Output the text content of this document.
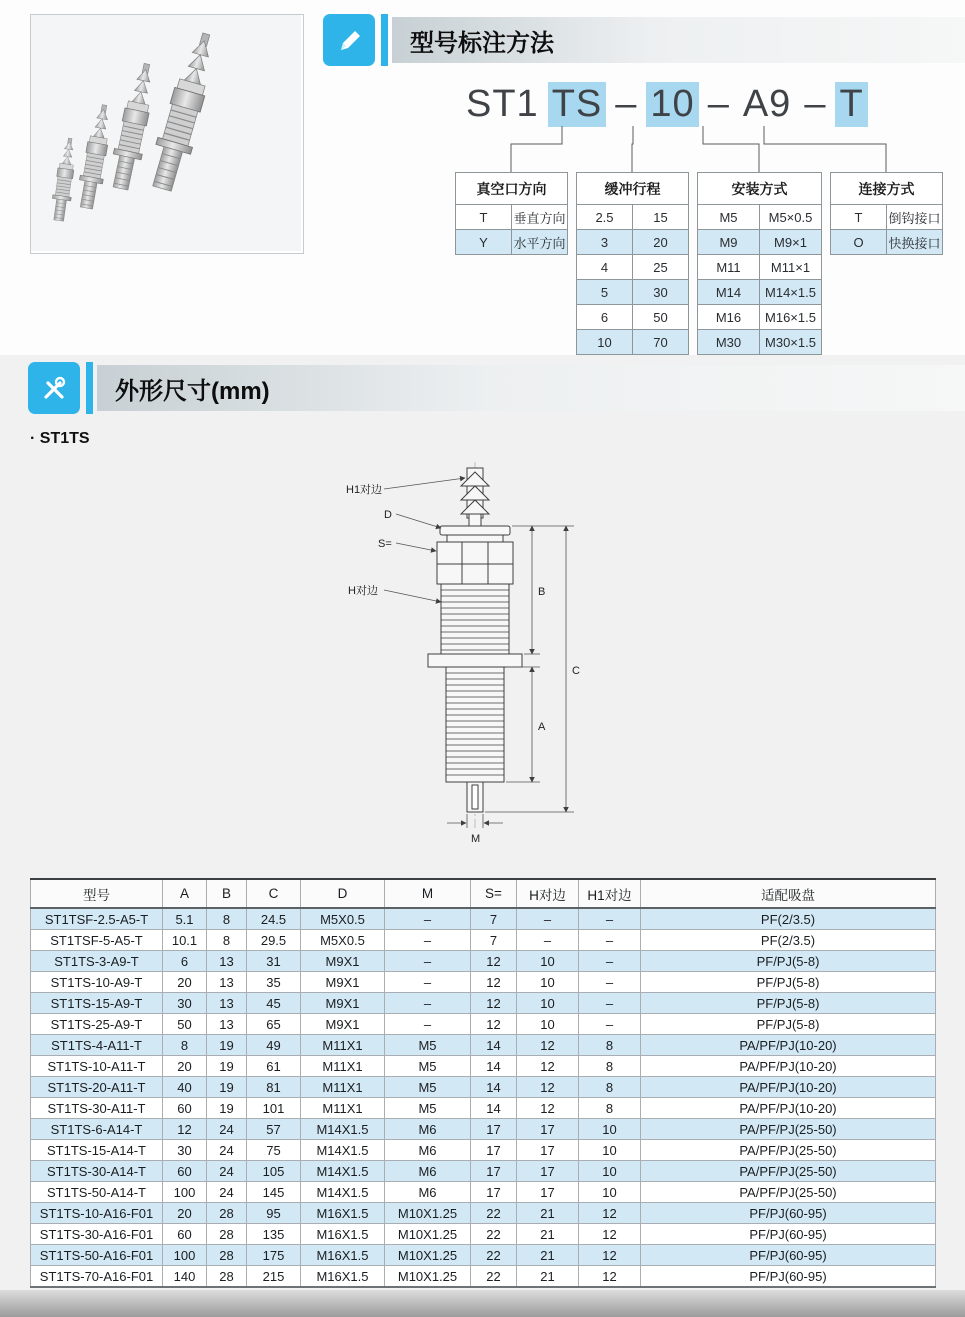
型号标注方法
ST1 TS – 10 – A9 – T
真空口方向	
T	垂直方向
Y	水平方向
缓冲行程	
2.5	15
3	20
4	25
5	30
6	50
10	70
安装方式	
M5	M5×0.5
M9	M9×1
M11	M11×1
M14	M14×1.5
M16	M16×1.5
M30	M30×1.5
连接方式	
T	倒钩接口
O	快换接口
外形尺寸(mm)
· ST1TS
H1对边
D
S=
H对边	B
A
C
M
型号	A	B	C	D	M	S=	H对边	H1对边	适配吸盘
ST1TSF-2.5-A5-T	5.1	8	24.5	M5X0.5	–	7	–	–	PF(2/3.5)
ST1TSF-5-A5-T	10.1	8	29.5	M5X0.5	–	7	–	–	PF(2/3.5)
ST1TS-3-A9-T	6	13	31	M9X1	–	12	10	–	PF/PJ(5-8)
ST1TS-10-A9-T	20	13	35	M9X1	–	12	10	–	PF/PJ(5-8)
ST1TS-15-A9-T	30	13	45	M9X1	–	12	10	–	PF/PJ(5-8)
ST1TS-25-A9-T	50	13	65	M9X1	–	12	10	–	PF/PJ(5-8)
ST1TS-4-A11-T	8	19	49	M11X1	M5	14	12	8	PA/PF/PJ(10-20)
ST1TS-10-A11-T	20	19	61	M11X1	M5	14	12	8	PA/PF/PJ(10-20)
ST1TS-20-A11-T	40	19	81	M11X1	M5	14	12	8	PA/PF/PJ(10-20)
ST1TS-30-A11-T	60	19	101	M11X1	M5	14	12	8	PA/PF/PJ(10-20)
ST1TS-6-A14-T	12	24	57	M14X1.5	M6	17	17	10	PA/PF/PJ(25-50)
ST1TS-15-A14-T	30	24	75	M14X1.5	M6	17	17	10	PA/PF/PJ(25-50)
ST1TS-30-A14-T	60	24	105	M14X1.5	M6	17	17	10	PA/PF/PJ(25-50)
ST1TS-50-A14-T	100	24	145	M14X1.5	M6	17	17	10	PA/PF/PJ(25-50)
ST1TS-10-A16-F01	20	28	95	M16X1.5	M10X1.25	22	21	12	PF/PJ(60-95)
ST1TS-30-A16-F01	60	28	135	M16X1.5	M10X1.25	22	21	12	PF/PJ(60-95)
ST1TS-50-A16-F01	100	28	175	M16X1.5	M10X1.25	22	21	12	PF/PJ(60-95)
ST1TS-70-A16-F01	140	28	215	M16X1.5	M10X1.25	22	21	12	PF/PJ(60-95)
